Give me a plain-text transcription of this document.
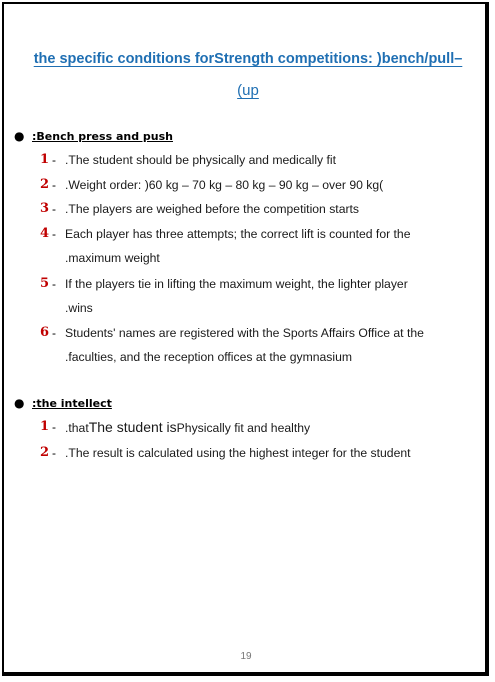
the specific conditions forStrength competitions: )bench/pull–
(up
● :Bench press and push
1 - .The student should be physically and medically fit
2 - .Weight order: )60 kg – 70 kg – 80 kg – 90 kg – over 90 kg(
3 - .The players are weighed before the competition starts
4 - Each player has three attempts; the correct lift is counted for the
.maximum weight
5 - If the players tie in lifting the maximum weight, the lighter player
.wins
6 - Students' names are registered with the Sports Affairs Office at the
.faculties, and the reception offices at the gymnasium
● :the intellect
1 - .thatThe student isPhysically fit and healthy
2 - .The result is calculated using the highest integer for the student
19
